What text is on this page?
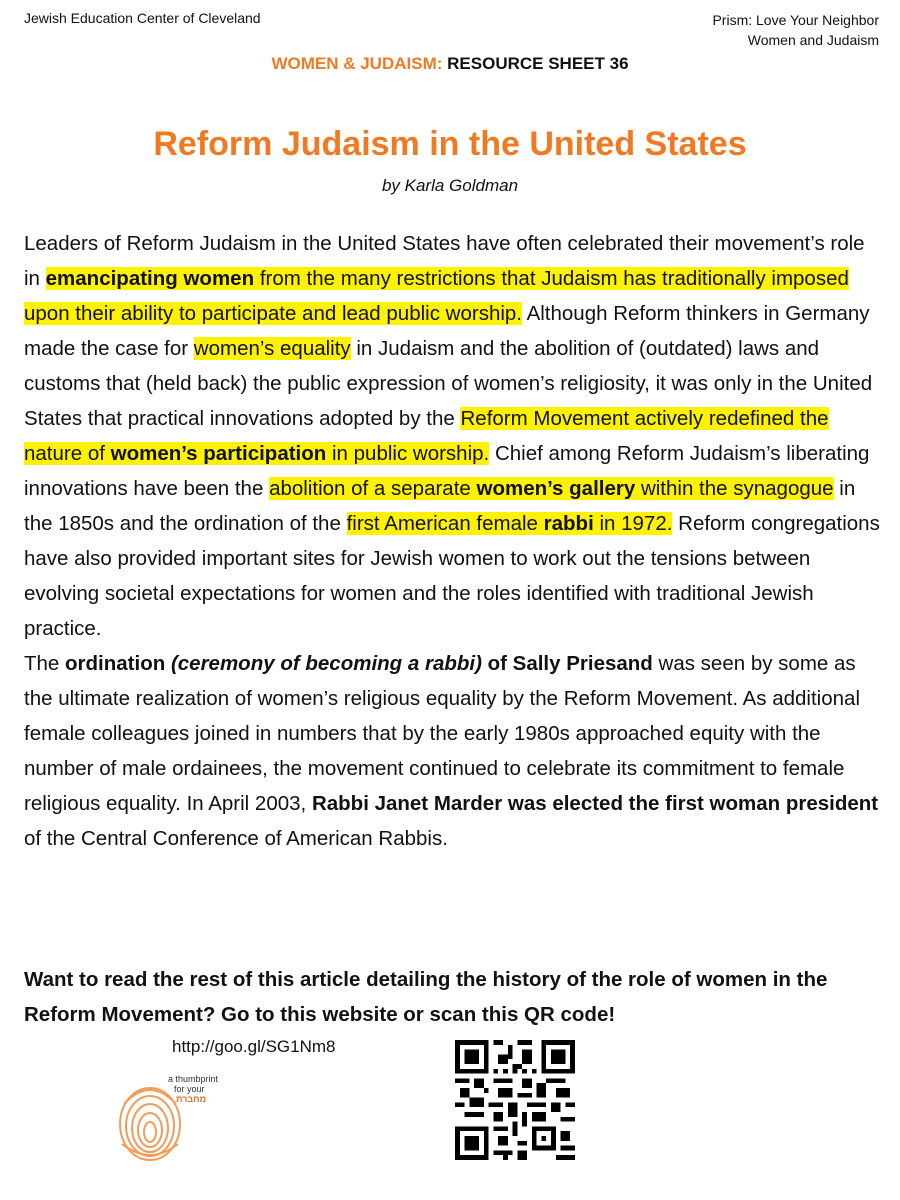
Jewish Education Center of Cleveland	Prism: Love Your Neighbor
Women and Judaism
WOMEN & JUDAISM: RESOURCE SHEET 36
Reform Judaism in the United States
by Karla Goldman

Leaders of Reform Judaism in the United States have often celebrated their movement’s role in emancipating women from the many restrictions that Judaism has traditionally imposed upon their ability to participate and lead public worship. Although Reform thinkers in Germany made the case for women’s equality in Judaism and the abolition of (outdated) laws and customs that (held back) the public expression of women’s religiosity, it was only in the United States that practical innovations adopted by the Reform Movement actively redefined the nature of women’s participation in public worship. Chief among Reform Judaism’s liberating innovations have been the abolition of a separate women’s gallery within the synagogue in the 1850s and the ordination of the first American female rabbi in 1972. Reform congregations have also provided important sites for Jewish women to work out the tensions between evolving societal expectations for women and the roles identified with traditional Jewish practice.

The ordination (ceremony of becoming a rabbi) of Sally Priesand was seen by some as the ultimate realization of women’s religious equality by the Reform Movement. As additional female colleagues joined in numbers that by the early 1980s approached equity with the number of male ordainees, the movement continued to celebrate its commitment to female religious equality. In April 2003, Rabbi Janet Marder was elected the first woman president of the Central Conference of American Rabbis.

Want to read the rest of this article detailing the history of the role of women in the Reform Movement? Go to this website or scan this QR code!
http://goo.gl/SG1Nm8
a thumbprint
for your
מחברת
